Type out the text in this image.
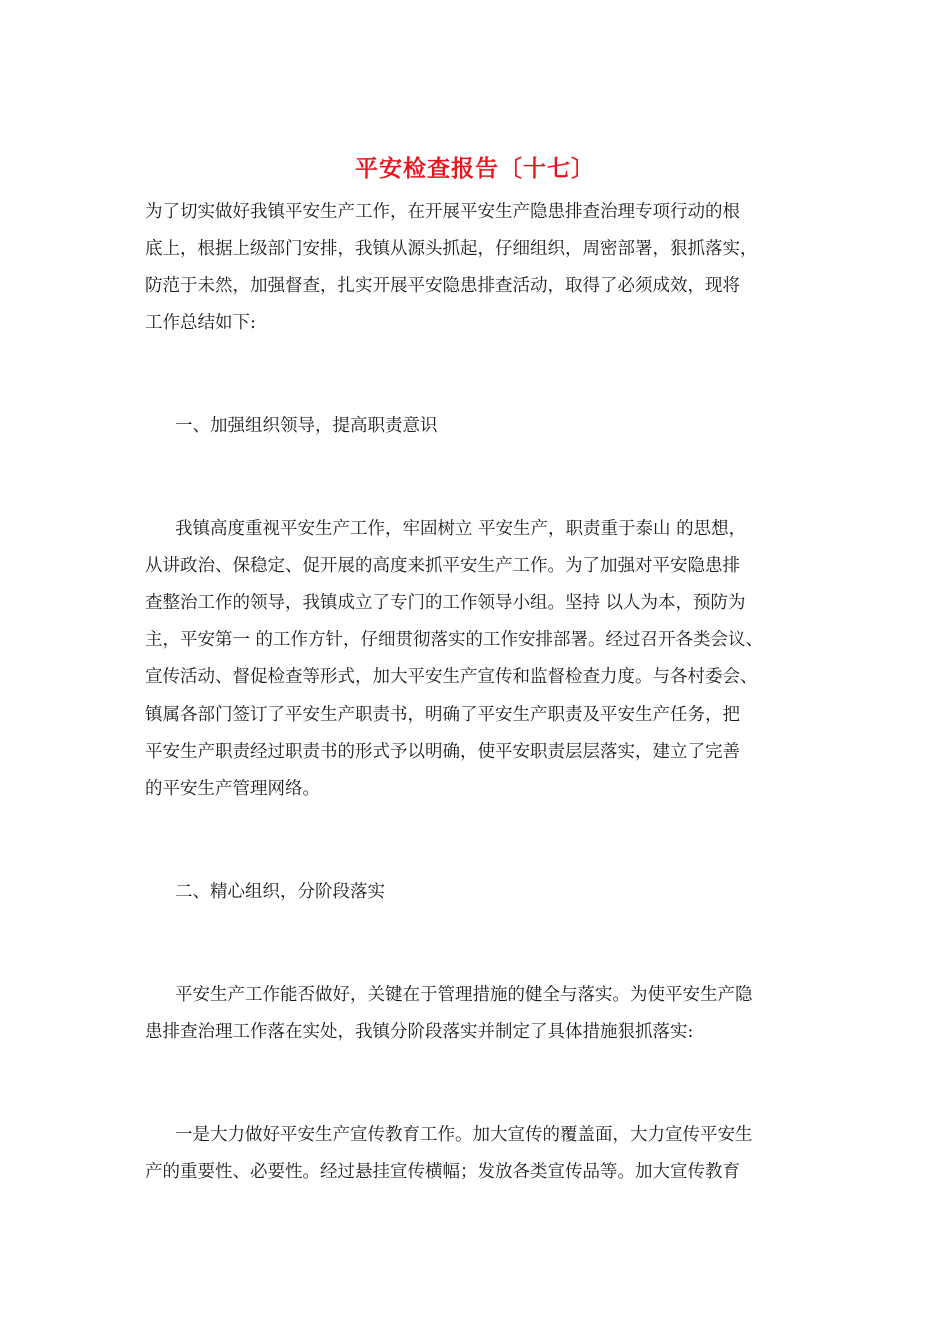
平安检查报告〔十七〕
为了切实做好我镇平安生产工作，在开展平安生产隐患排查治理专项行动的根
底上，根据上级部门安排，我镇从源头抓起，仔细组织，周密部署，狠抓落实，
防范于未然，加强督查，扎实开展平安隐患排查活动，取得了必须成效，现将
工作总结如下:
一、加强组织领导，提高职责意识
我镇高度重视平安生产工作，牢固树立 平安生产，职责重于泰山 的思想，
从讲政治、保稳定、促开展的高度来抓平安生产工作。为了加强对平安隐患排
查整治工作的领导，我镇成立了专门的工作领导小组。坚持 以人为本，预防为
主，平安第一 的工作方针，仔细贯彻落实的工作安排部署。经过召开各类会议、
宣传活动、督促检查等形式，加大平安生产宣传和监督检查力度。与各村委会、
镇属各部门签订了平安生产职责书，明确了平安生产职责及平安生产任务，把
平安生产职责经过职责书的形式予以明确，使平安职责层层落实，建立了完善
的平安生产管理网络。
二、精心组织，分阶段落实
平安生产工作能否做好，关键在于管理措施的健全与落实。为使平安生产隐
患排查治理工作落在实处，我镇分阶段落实并制定了具体措施狠抓落实:
一是大力做好平安生产宣传教育工作。加大宣传的覆盖面，大力宣传平安生
产的重要性、必要性。经过悬挂宣传横幅；发放各类宣传品等。加大宣传教育
